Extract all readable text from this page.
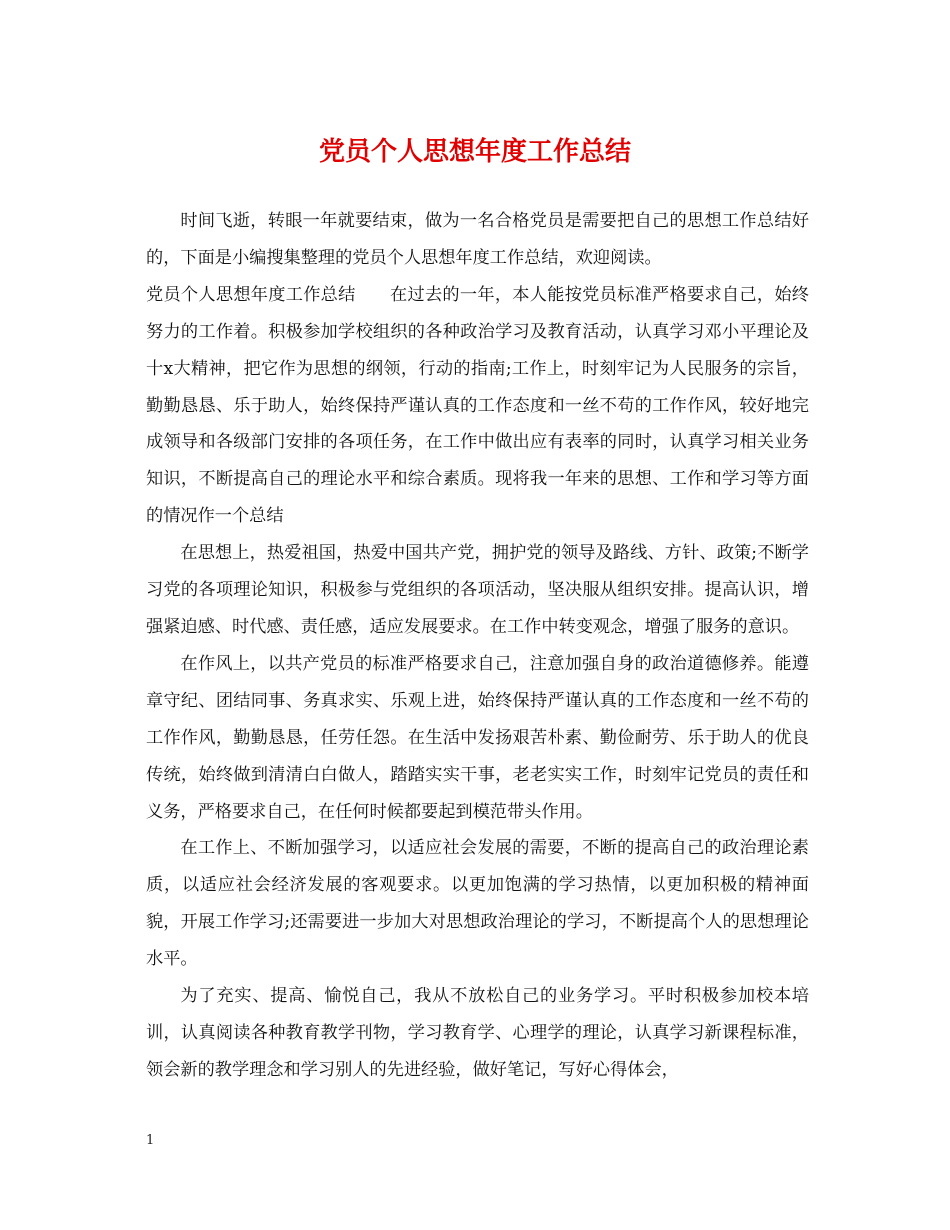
党员个人思想年度工作总结

时间飞逝，转眼一年就要结束，做为一名合格党员是需要把自己的思想工作总结好的，下面是小编搜集整理的党员个人思想年度工作总结，欢迎阅读。

党员个人思想年度工作总结 在过去的一年，本人能按党员标准严格要求自己，始终努力的工作着。积极参加学校组织的各种政治学习及教育活动，认真学习邓小平理论及十x大精神，把它作为思想的纲领，行动的指南;工作上，时刻牢记为人民服务的宗旨，勤勤恳恳、乐于助人，始终保持严谨认真的工作态度和一丝不苟的工作作风，较好地完成领导和各级部门安排的各项任务，在工作中做出应有表率的同时，认真学习相关业务知识，不断提高自己的理论水平和综合素质。现将我一年来的思想、工作和学习等方面的情况作一个总结

在思想上，热爱祖国，热爱中国共产党，拥护党的领导及路线、方针、政策;不断学习党的各项理论知识，积极参与党组织的各项活动，坚决服从组织安排。提高认识，增强紧迫感、时代感、责任感，适应发展要求。在工作中转变观念，增强了服务的意识。

在作风上，以共产党员的标准严格要求自己，注意加强自身的政治道德修养。能遵章守纪、团结同事、务真求实、乐观上进，始终保持严谨认真的工作态度和一丝不苟的工作作风，勤勤恳恳，任劳任怨。在生活中发扬艰苦朴素、勤俭耐劳、乐于助人的优良传统，始终做到清清白白做人，踏踏实实干事，老老实实工作，时刻牢记党员的责任和义务，严格要求自己，在任何时候都要起到模范带头作用。

在工作上、不断加强学习，以适应社会发展的需要，不断的提高自己的政治理论素质，以适应社会经济发展的客观要求。以更加饱满的学习热情，以更加积极的精神面貌，开展工作学习;还需要进一步加大对思想政治理论的学习，不断提高个人的思想理论水平。

为了充实、提高、愉悦自己，我从不放松自己的业务学习。平时积极参加校本培训，认真阅读各种教育教学刊物，学习教育学、心理学的理论，认真学习新课程标准，领会新的教学理念和学习别人的先进经验，做好笔记，写好心得体会，

1
